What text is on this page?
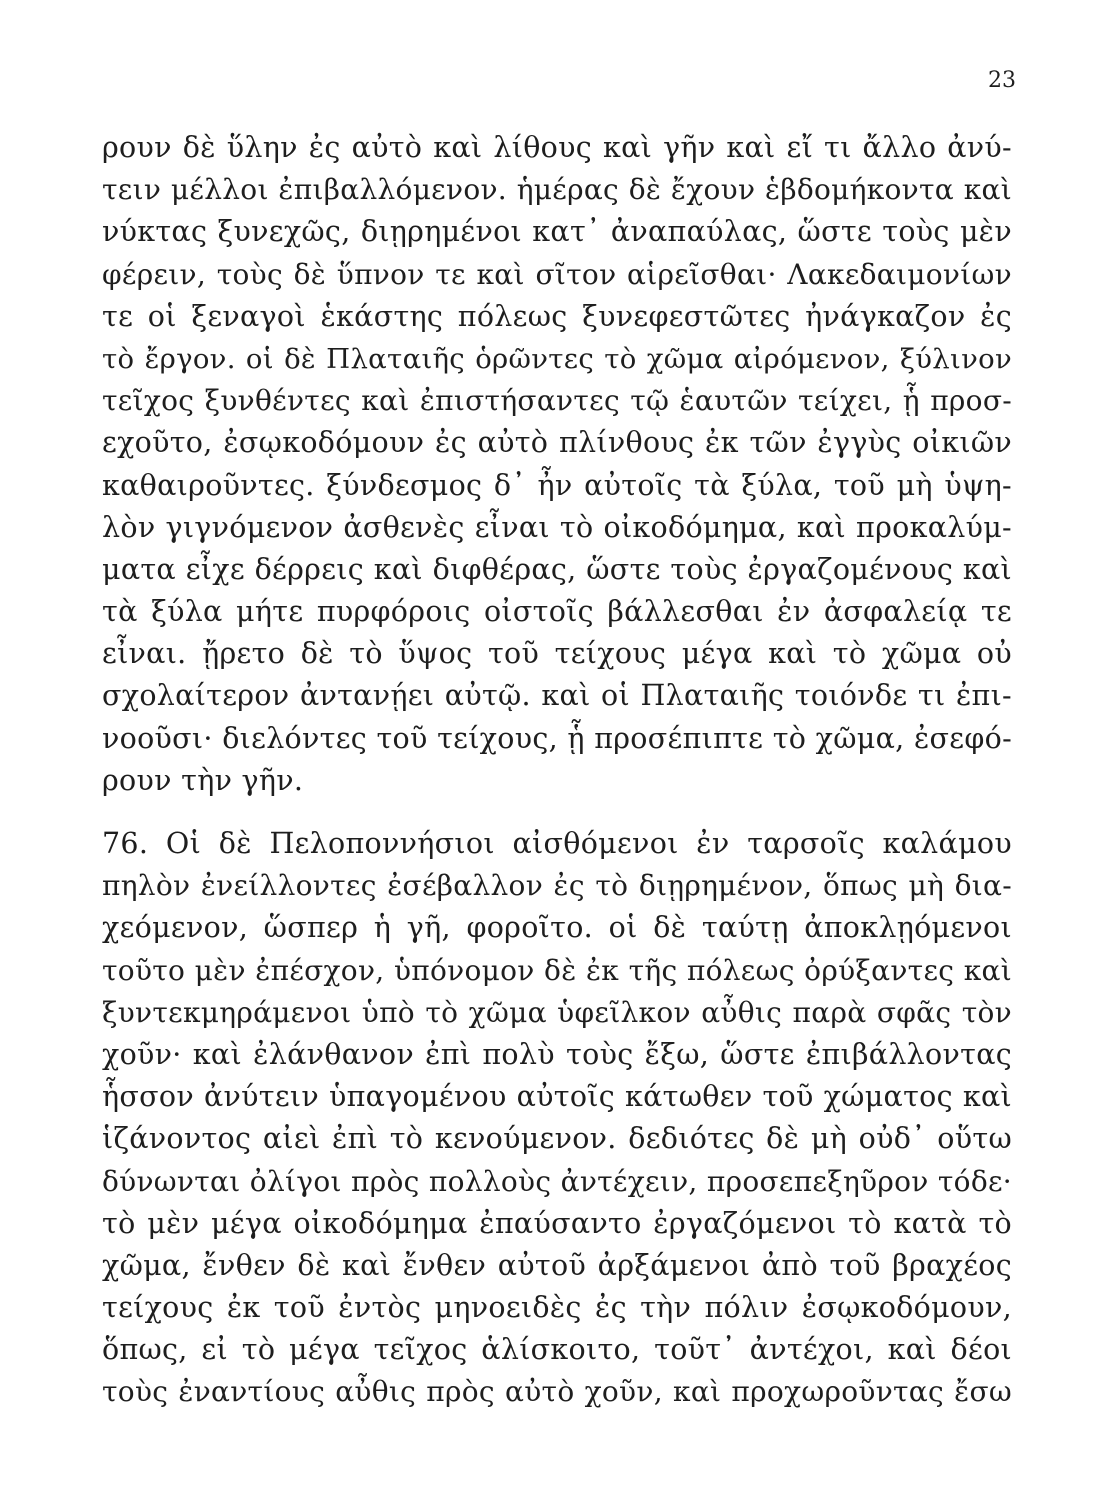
23
ρουν δὲ ὕλην ἐς αὐτὸ καὶ λίθους καὶ γῆν καὶ εἴ τι ἄλλο ἀνύ-
τειν μέλλοι ἐπιβαλλόμενον. ἡμέρας δὲ ἔχουν ἑβδομήκοντα καὶ
νύκτας ξυνεχῶς, διῃρημένοι κατ᾽ ἀναπαύλας, ὥστε τοὺς μὲν
φέρειν, τοὺς δὲ ὕπνον τε καὶ σῖτον αἱρεῖσθαι· Λακεδαιμονίων
τε οἱ ξεναγοὶ ἑκάστης πόλεως ξυνεφεστῶτες ἠνάγκαζον ἐς
τὸ ἔργον. οἱ δὲ Πλαταιῆς ὁρῶντες τὸ χῶμα αἰρόμενον, ξύλινον
τεῖχος ξυνθέντες καὶ ἐπιστήσαντες τῷ ἑαυτῶν τείχει, ᾗ προσ-
εχοῦτο, ἐσῳκοδόμουν ἐς αὐτὸ πλίνθους ἐκ τῶν ἐγγὺς οἰκιῶν
καθαιροῦντες. ξύνδεσμος δ᾽ ἦν αὐτοῖς τὰ ξύλα, τοῦ μὴ ὑψη-
λὸν γιγνόμενον ἀσθενὲς εἶναι τὸ οἰκοδόμημα, καὶ προκαλύμ-
ματα εἶχε δέρρεις καὶ διφθέρας, ὥστε τοὺς ἐργαζομένους καὶ
τὰ ξύλα μήτε πυρφόροις οἰστοῖς βάλλεσθαι ἐν ἀσφαλείᾳ τε
εἶναι. ᾔρετο δὲ τὸ ὕψος τοῦ τείχους μέγα καὶ τὸ χῶμα οὐ
σχολαίτερον ἀντανῄει αὐτῷ. καὶ οἱ Πλαταιῆς τοιόνδε τι ἐπι-
νοοῦσι· διελόντες τοῦ τείχους, ᾗ προσέπιπτε τὸ χῶμα, ἐσεφό-
ρουν τὴν γῆν.
76. Οἱ δὲ Πελοποννήσιοι αἰσθόμενοι ἐν ταρσοῖς καλάμου
πηλὸν ἐνείλλοντες ἐσέβαλλον ἐς τὸ διῃρημένον, ὅπως μὴ δια-
χεόμενον, ὥσπερ ἡ γῆ, φοροῖτο. οἱ δὲ ταύτῃ ἀποκλῃόμενοι
τοῦτο μὲν ἐπέσχον, ὑπόνομον δὲ ἐκ τῆς πόλεως ὀρύξαντες καὶ
ξυντεκμηράμενοι ὑπὸ τὸ χῶμα ὑφεῖλκον αὖθις παρὰ σφᾶς τὸν
χοῦν· καὶ ἐλάνθανον ἐπὶ πολὺ τοὺς ἔξω, ὥστε ἐπιβάλλοντας
ἧσσον ἀνύτειν ὑπαγομένου αὐτοῖς κάτωθεν τοῦ χώματος καὶ
ἱζάνοντος αἰεὶ ἐπὶ τὸ κενούμενον. δεδιότες δὲ μὴ οὐδ᾽ οὕτω
δύνωνται ὀλίγοι πρὸς πολλοὺς ἀντέχειν, προσεπεξηῦρον τόδε·
τὸ μὲν μέγα οἰκοδόμημα ἐπαύσαντο ἐργαζόμενοι τὸ κατὰ τὸ
χῶμα, ἔνθεν δὲ καὶ ἔνθεν αὐτοῦ ἀρξάμενοι ἀπὸ τοῦ βραχέος
τείχους ἐκ τοῦ ἐντὸς μηνοειδὲς ἐς τὴν πόλιν ἐσῳκοδόμουν,
ὅπως, εἰ τὸ μέγα τεῖχος ἁλίσκοιτο, τοῦτ᾽ ἀντέχοι, καὶ δέοι
τοὺς ἐναντίους αὖθις πρὸς αὐτὸ χοῦν, καὶ προχωροῦντας ἔσω
